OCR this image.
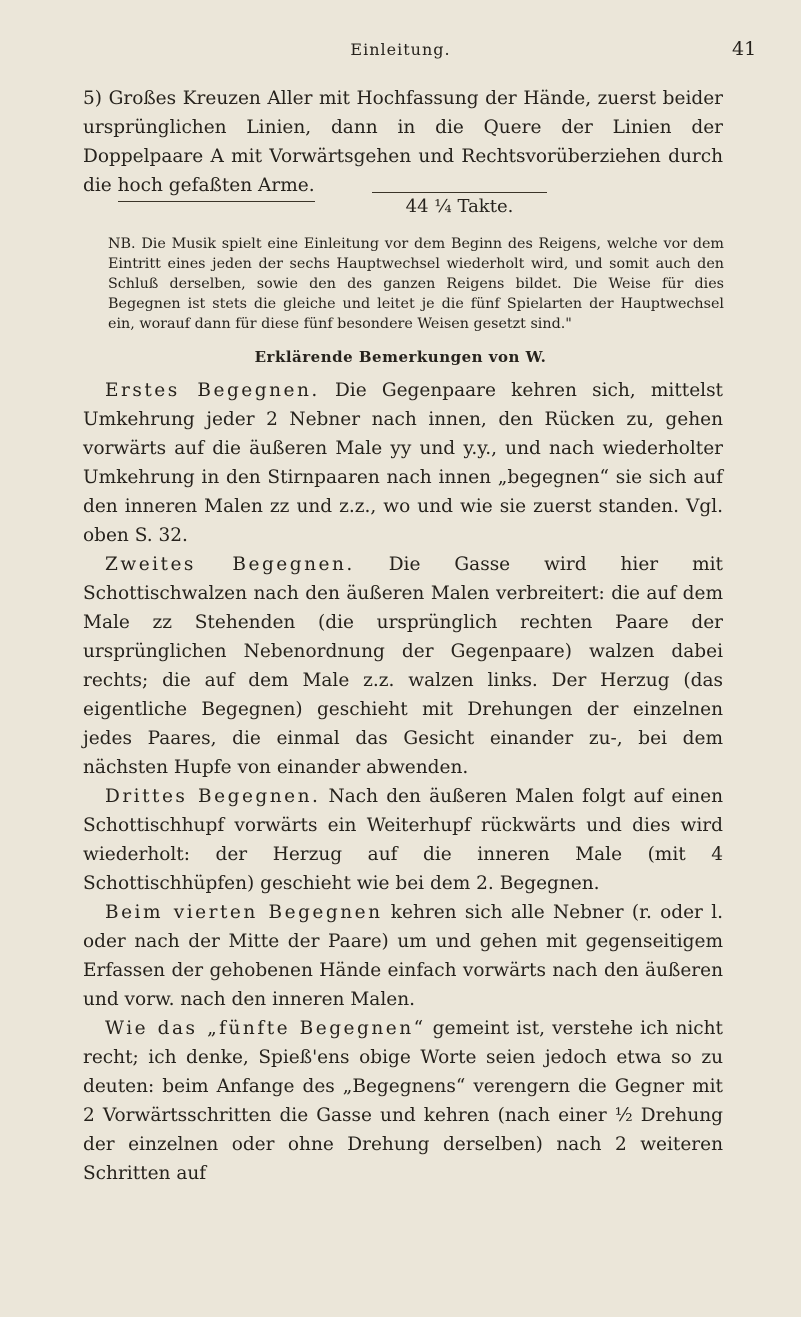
Einleitung.	41

5) Großes Kreuzen Aller mit Hochfassung der Hände, zuerst beider ursprünglichen Linien, dann in die Quere der Linien der Doppelpaare A mit Vorwärtsgehen und Rechtsvorüberziehen durch die hoch gefaßten Arme.

44 ¼ Takte.

NB. Die Musik spielt eine Einleitung vor dem Beginn des Reigens, welche vor dem Eintritt eines jeden der sechs Hauptwechsel wiederholt wird, und somit auch den Schluß derselben, sowie den des ganzen Reigens bildet. Die Weise für dies Begegnen ist stets die gleiche und leitet je die fünf Spielarten der Hauptwechsel ein, worauf dann für diese fünf besondere Weisen gesetzt sind."

Erklärende Bemerkungen von W.

Erstes Begegnen. Die Gegenpaare kehren sich, mittelst Umkehrung jeder 2 Nebner nach innen, den Rücken zu, gehen vorwärts auf die äußeren Male yy und y.y., und nach wiederholter Umkehrung in den Stirnpaaren nach innen „begegnen“ sie sich auf den inneren Malen zz und z.z., wo und wie sie zuerst standen. Vgl. oben S. 32.

Zweites Begegnen. Die Gasse wird hier mit Schottischwalzen nach den äußeren Malen verbreitert: die auf dem Male zz Stehenden (die ursprünglich rechten Paare der ursprünglichen Nebenordnung der Gegenpaare) walzen dabei rechts; die auf dem Male z.z. walzen links. Der Herzug (das eigentliche Begegnen) geschieht mit Drehungen der einzelnen jedes Paares, die einmal das Gesicht einander zu-, bei dem nächsten Hupfe von einander abwenden.

Drittes Begegnen. Nach den äußeren Malen folgt auf einen Schottischhupf vorwärts ein Weiterhupf rückwärts und dies wird wiederholt: der Herzug auf die inneren Male (mit 4 Schottischhüpfen) geschieht wie bei dem 2. Begegnen.

Beim vierten Begegnen kehren sich alle Nebner (r. oder l. oder nach der Mitte der Paare) um und gehen mit gegenseitigem Erfassen der gehobenen Hände einfach vorwärts nach den äußeren und vorw. nach den inneren Malen.

Wie das „fünfte Begegnen“ gemeint ist, verstehe ich nicht recht; ich denke, Spieß'ens obige Worte seien jedoch etwa so zu deuten: beim Anfange des „Begegnens“ verengern die Gegner mit 2 Vorwärtsschritten die Gasse und kehren (nach einer ½ Drehung der einzelnen oder ohne Drehung derselben) nach 2 weiteren Schritten auf
